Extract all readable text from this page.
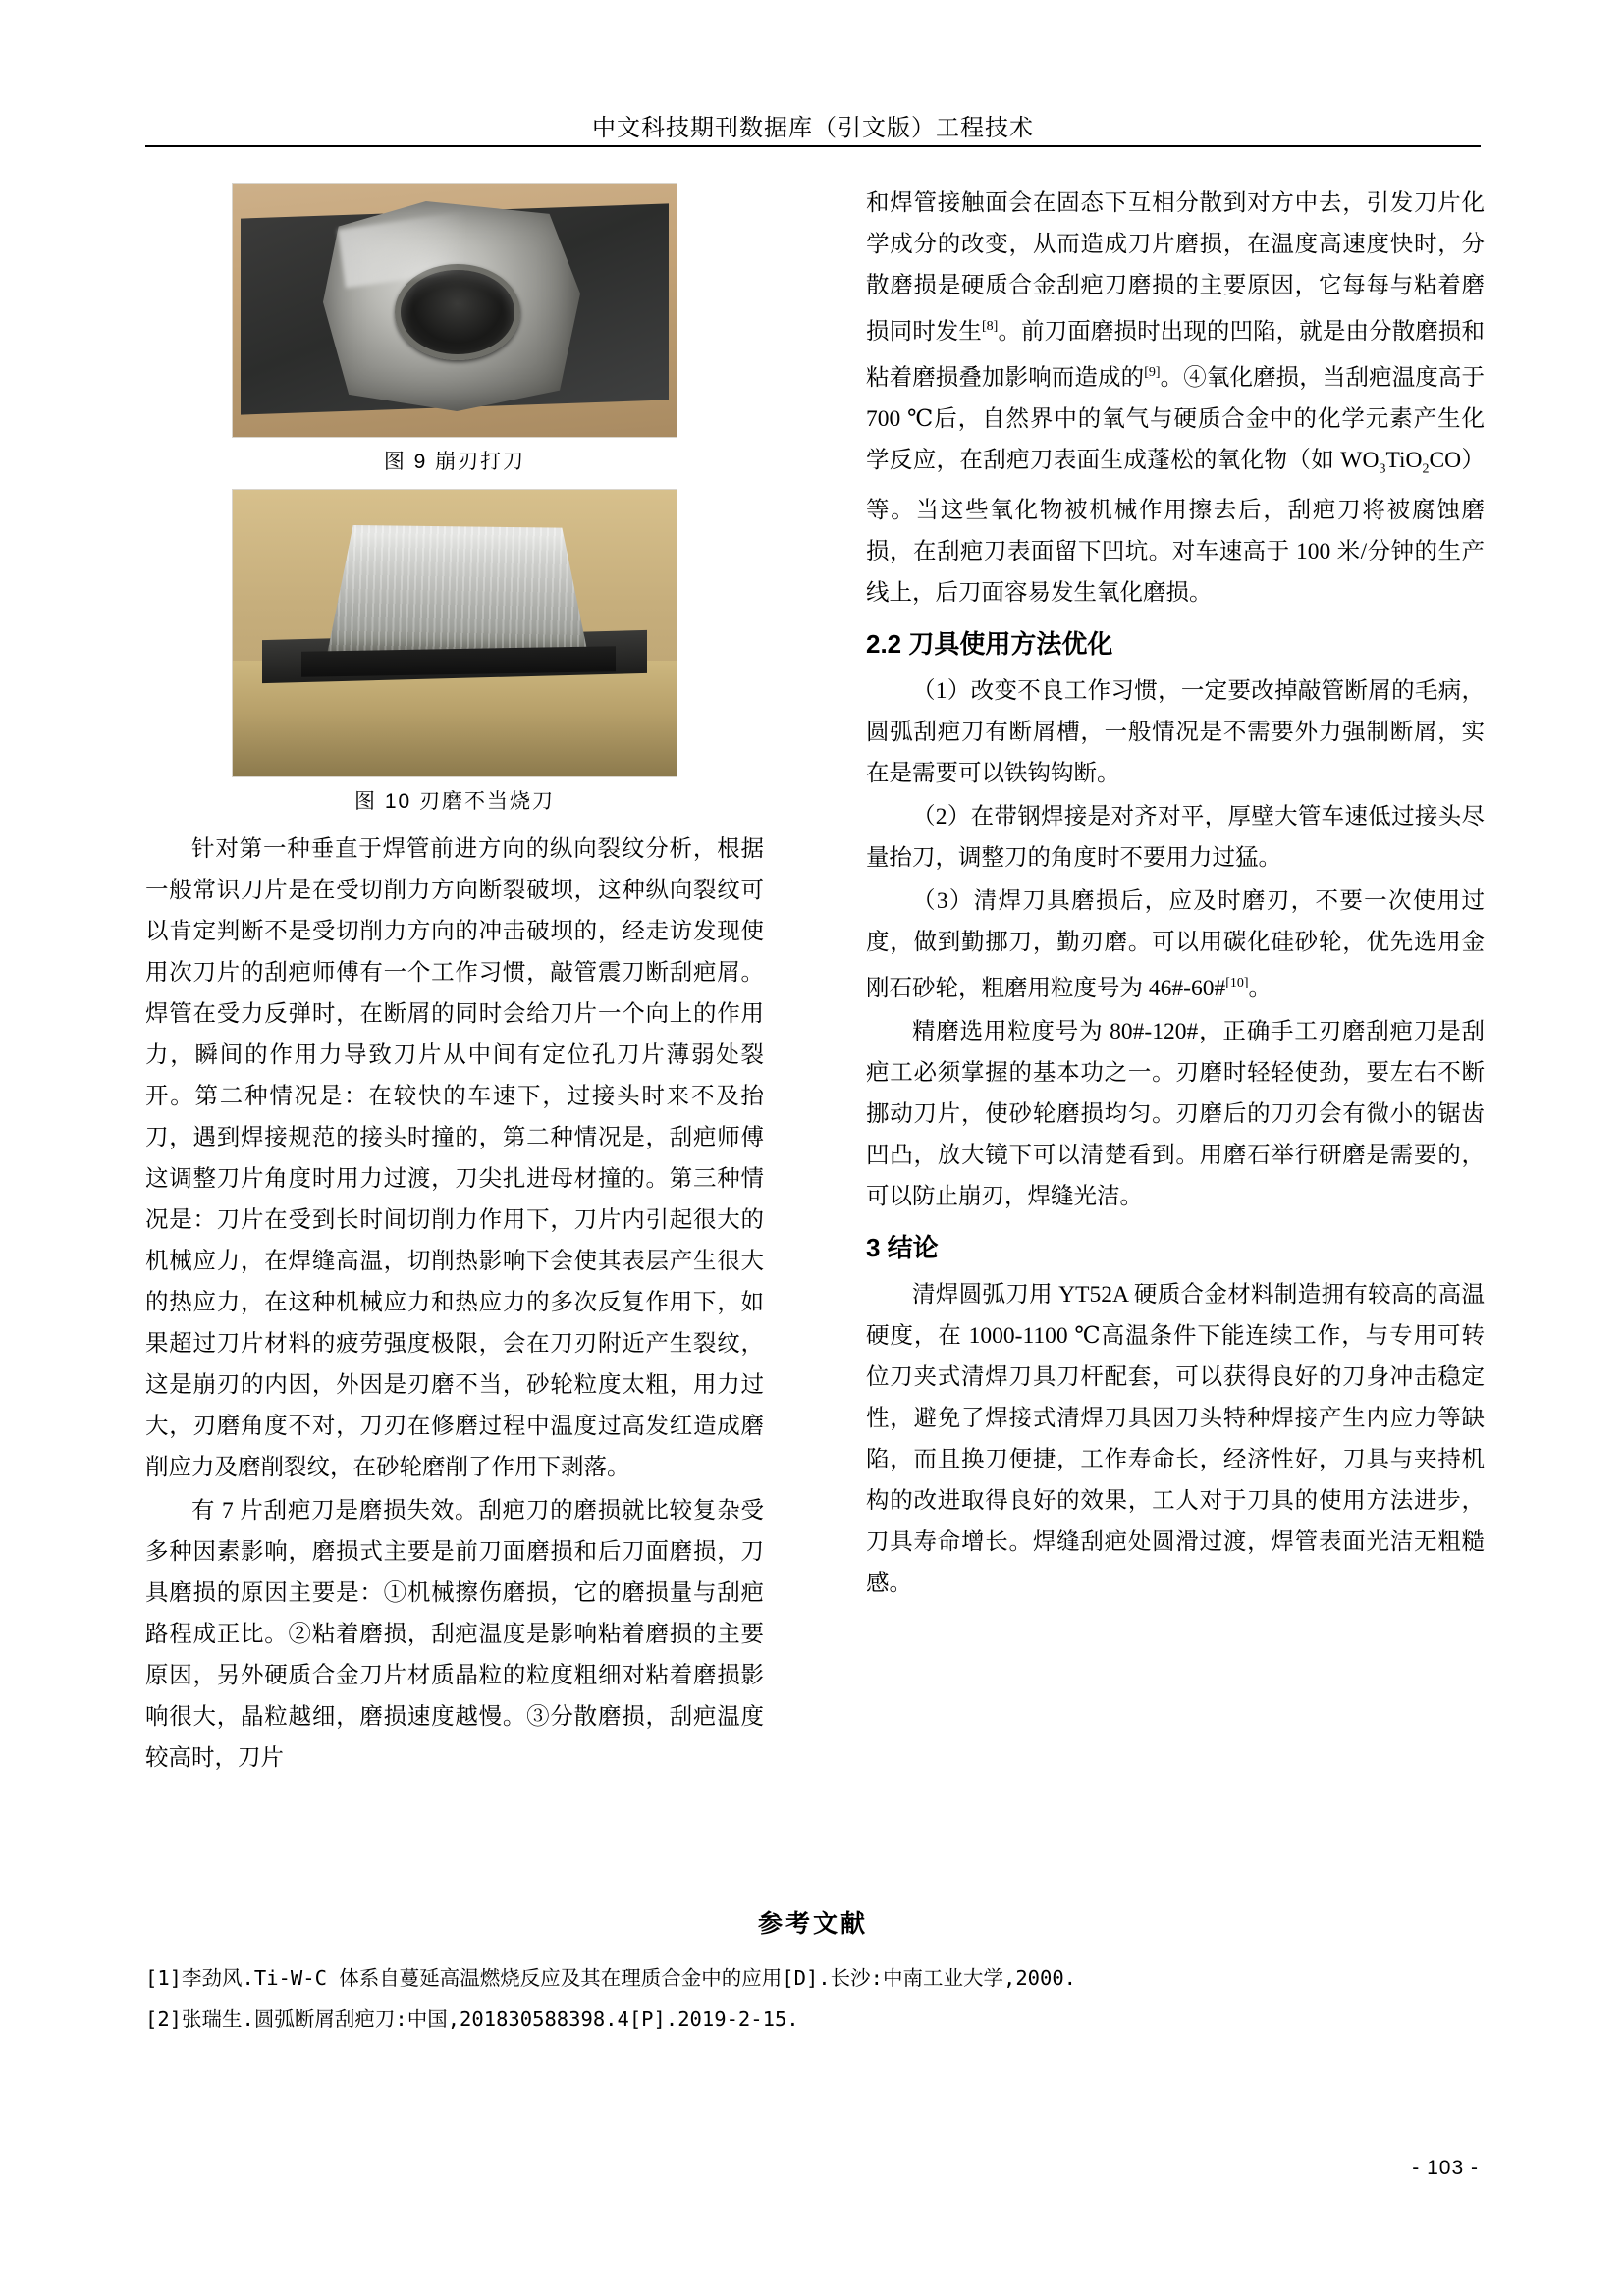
中文科技期刊数据库（引文版）工程技术
图 9 崩刃打刀
图 10 刃磨不当烧刀

针对第一种垂直于焊管前进方向的纵向裂纹分析，根据一般常识刀片是在受切削力方向断裂破坝，这种纵向裂纹可以肯定判断不是受切削力方向的冲击破坝的，经走访发现使用次刀片的刮疤师傅有一个工作习惯，敲管震刀断刮疤屑。焊管在受力反弹时，在断屑的同时会给刀片一个向上的作用力，瞬间的作用力导致刀片从中间有定位孔刀片薄弱处裂开。第二种情况是：在较快的车速下，过接头时来不及抬刀，遇到焊接规范的接头时撞的，第二种情况是，刮疤师傅这调整刀片角度时用力过渡，刀尖扎进母材撞的。第三种情况是：刀片在受到长时间切削力作用下，刀片内引起很大的机械应力，在焊缝高温，切削热影响下会使其表层产生很大的热应力，在这种机械应力和热应力的多次反复作用下，如果超过刀片材料的疲劳强度极限，会在刀刃附近产生裂纹，这是崩刃的内因，外因是刃磨不当，砂轮粒度太粗，用力过大，刃磨角度不对，刀刃在修磨过程中温度过高发红造成磨削应力及磨削裂纹，在砂轮磨削了作用下剥落。

有 7 片刮疤刀是磨损失效。刮疤刀的磨损就比较复杂受多种因素影响，磨损式主要是前刀面磨损和后刀面磨损，刀具磨损的原因主要是：①机械擦伤磨损，它的磨损量与刮疤路程成正比。②粘着磨损，刮疤温度是影响粘着磨损的主要原因，另外硬质合金刀片材质晶粒的粒度粗细对粘着磨损影响很大，晶粒越细，磨损速度越慢。③分散磨损，刮疤温度较高时，刀片

和焊管接触面会在固态下互相分散到对方中去，引发刀片化学成分的改变，从而造成刀片磨损，在温度高速度快时，分散磨损是硬质合金刮疤刀磨损的主要原因，它每每与粘着磨损同时发生[8]。前刀面磨损时出现的凹陷，就是由分散磨损和粘着磨损叠加影响而造成的[9]。④氧化磨损，当刮疤温度高于 700 ℃后，自然界中的氧气与硬质合金中的化学元素产生化学反应，在刮疤刀表面生成蓬松的氧化物（如 $WO_3TiO_2CO$）等。当这些氧化物被机械作用擦去后，刮疤刀将被腐蚀磨损，在刮疤刀表面留下凹坑。对车速高于 100 米/分钟的生产线上，后刀面容易发生氧化磨损。

2.2 刀具使用方法优化

（1）改变不良工作习惯，一定要改掉敲管断屑的毛病，圆弧刮疤刀有断屑槽，一般情况是不需要外力强制断屑，实在是需要可以铁钩钩断。

（2）在带钢焊接是对齐对平，厚壁大管车速低过接头尽量抬刀，调整刀的角度时不要用力过猛。

（3）清焊刀具磨损后，应及时磨刃，不要一次使用过度，做到勤挪刀，勤刃磨。可以用碳化硅砂轮，优先选用金刚石砂轮，粗磨用粒度号为 46#-60#[10]。

精磨选用粒度号为 80#-120#，正确手工刃磨刮疤刀是刮疤工必须掌握的基本功之一。刃磨时轻轻使劲，要左右不断挪动刀片，使砂轮磨损均匀。刃磨后的刀刃会有微小的锯齿凹凸，放大镜下可以清楚看到。用磨石举行研磨是需要的，可以防止崩刃，焊缝光洁。

3 结论

清焊圆弧刀用 YT52A 硬质合金材料制造拥有较高的高温硬度，在 1000-1100 ℃高温条件下能连续工作，与专用可转位刀夹式清焊刀具刀杆配套，可以获得良好的刀身冲击稳定性，避免了焊接式清焊刀具因刀头特种焊接产生内应力等缺陷，而且换刀便捷，工作寿命长，经济性好，刀具与夹持机构的改进取得良好的效果，工人对于刀具的使用方法进步，刀具寿命增长。焊缝刮疤处圆滑过渡，焊管表面光洁无粗糙感。

参考文献
[1]李劲风.Ti-W-C 体系自蔓延高温燃烧反应及其在理质合金中的应用[D].长沙:中南工业大学,2000.
[2]张瑞生.圆弧断屑刮疤刀:中国,201830588398.4[P].2019-2-15.
- 103 -
